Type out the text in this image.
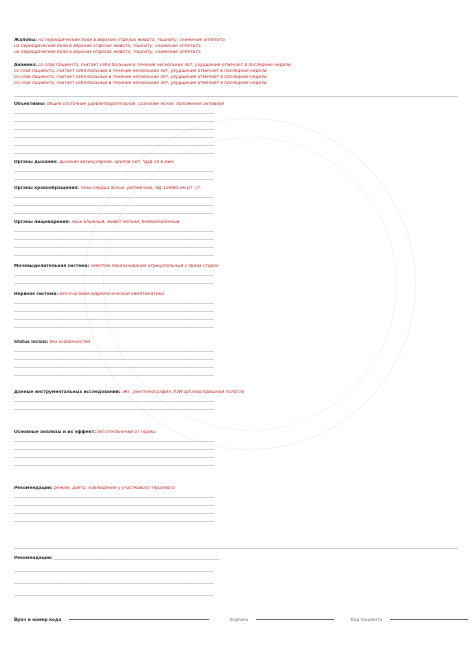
Жалобы: на периодические боли в верхних отделах живота, тошноту, снижение аппетита
на периодические боли в верхних отделах живота, тошноту, снижение аппетита
на периодические боли в верхних отделах живота, тошноту, снижение аппетита
Анамнез: со слов пациента, считает себя больным в течение нескольких лет, ухудшение отмечает в последние недели
со слов пациента, считает себя больным в течение нескольких лет, ухудшение отмечает в последние недели
со слов пациента, считает себя больным в течение нескольких лет, ухудшение отмечает в последние недели
со слов пациента, считает себя больным в течение нескольких лет, ухудшение отмечает в последние недели
Объективно: общее состояние удовлетворительное, сознание ясное, положение активное
_____________________________________________________________________________________________
_____________________________________________________________________________________________
_____________________________________________________________________________________________
_____________________________________________________________________________________________
_____________________________________________________________________________________________
_____________________________________________________________________________________________
Органы дыхания: дыхание везикулярное, хрипов нет, ЧДД 18 в мин.
_____________________________________________________________________________________________
_____________________________________________________________________________________________
Органы кровообращения: тоны сердца ясные, ритмичные, АД 120/80 мм рт. ст.
_____________________________________________________________________________________________
_____________________________________________________________________________________________
_____________________________________________________________________________________________
Органы пищеварения: язык влажный, живот мягкий, безболезненный
_____________________________________________________________________________________________
_____________________________________________________________________________________________
_____________________________________________________________________________________________
_____________________________________________________________________________________________
Мочевыделительная система: симптом поколачивания отрицательный с обеих сторон
_____________________________________________________________________________________________
_____________________________________________________________________________________________
Нервная система: без очаговой неврологической симптоматики
_____________________________________________________________________________________________
_____________________________________________________________________________________________
_____________________________________________________________________________________________
_____________________________________________________________________________________________
Status localis: без особенностей
_____________________________________________________________________________________________
_____________________________________________________________________________________________
_____________________________________________________________________________________________
_____________________________________________________________________________________________
Данные инструментальных исследований: ЭКГ, рентгенография, УЗИ органов брюшной полости
_____________________________________________________________________________________________
_____________________________________________________________________________________________
Основные анализы и их эффект: без отклонений от нормы
_____________________________________________________________________________________________
_____________________________________________________________________________________________
_____________________________________________________________________________________________
_____________________________________________________________________________________________
Рекомендации: режим, диета, наблюдение у участкового терапевта
_____________________________________________________________________________________________
_____________________________________________________________________________________________
_____________________________________________________________________________________________
_____________________________________________________________________________________________
Рекомендации: _____________________________________________________________________________
_____________________________________________________________________________________________
_____________________________________________________________________________________________
_____________________________________________________________________________________________
Врач и номер кода	подпись	Код пациента
